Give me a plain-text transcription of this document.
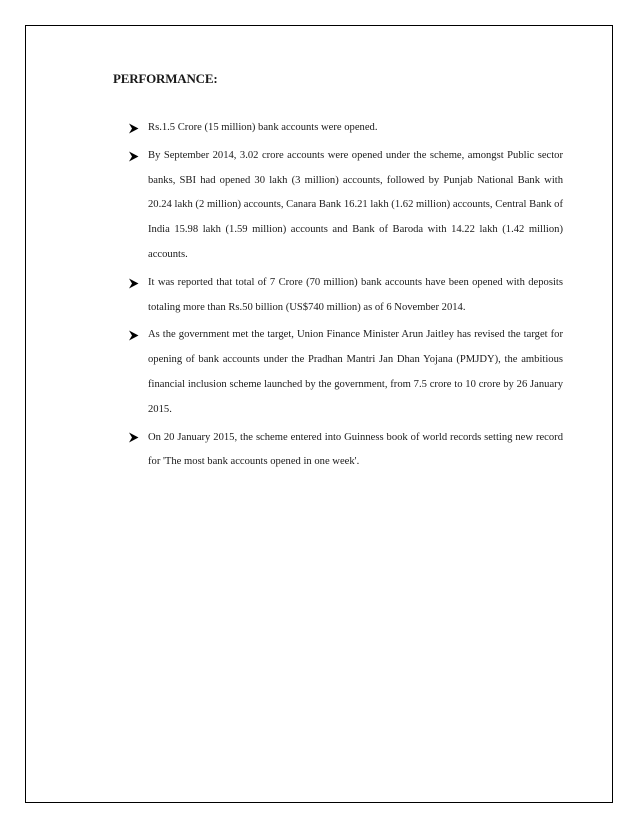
PERFORMANCE:
Rs.1.5 Crore (15 million) bank accounts were opened.
By September 2014, 3.02 crore accounts were opened under the scheme, amongst Public sector banks, SBI had opened 30 lakh (3 million) accounts, followed by Punjab National Bank with 20.24 lakh (2 million) accounts, Canara Bank 16.21 lakh (1.62 million) accounts, Central Bank of India 15.98 lakh (1.59 million) accounts and Bank of Baroda with 14.22 lakh (1.42 million) accounts.
It was reported that total of 7 Crore (70 million) bank accounts have been opened with deposits totaling more than Rs.50 billion (US$740 million) as of 6 November 2014.
As the government met the target, Union Finance Minister Arun Jaitley has revised the target for opening of bank accounts under the Pradhan Mantri Jan Dhan Yojana (PMJDY), the ambitious financial inclusion scheme launched by the government, from 7.5 crore to 10 crore by 26 January 2015.
On 20 January 2015, the scheme entered into Guinness book of world records setting new record for 'The most bank accounts opened in one week'.
